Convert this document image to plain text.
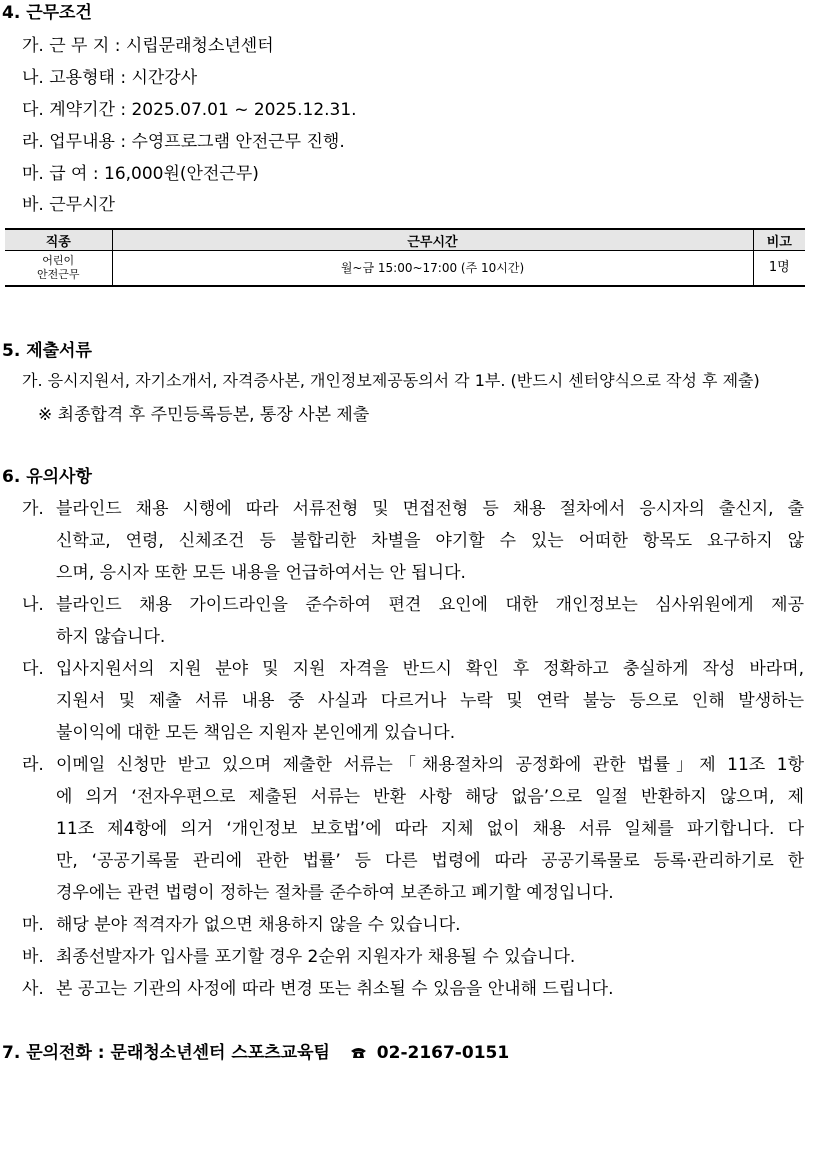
4. 근무조건
가. 근 무 지 : 시립문래청소년센터
나. 고용형태 : 시간강사
다. 계약기간 : 2025.07.01 ~ 2025.12.31.
라. 업무내용 : 수영프로그램 안전근무 진행.
마. 급 여 : 16,000원(안전근무)
바. 근무시간
직종	근무시간	비고

어린이
안전근무	월~금 15:00~17:00 (주 10시간)	1명
5. 제출서류
가. 응시지원서, 자기소개서, 자격증사본, 개인정보제공동의서 각 1부. (반드시 센터양식으로 작성 후 제출)
※ 최종합격 후 주민등록등본, 통장 사본 제출
6. 유의사항
가. 블라인드 채용 시행에 따라 서류전형 및 면접전형 등 채용 절차에서 응시자의 출신지, 출
신학교, 연령, 신체조건 등 불합리한 차별을 야기할 수 있는 어떠한 항목도 요구하지 않
으며, 응시자 또한 모든 내용을 언급하여서는 안 됩니다.
나. 블라인드 채용 가이드라인을 준수하여 편견 요인에 대한 개인정보는 심사위원에게 제공
하지 않습니다.
다. 입사지원서의 지원 분야 및 지원 자격을 반드시 확인 후 정확하고 충실하게 작성 바라며,
지원서 및 제출 서류 내용 중 사실과 다르거나 누락 및 연락 불능 등으로 인해 발생하는
불이익에 대한 모든 책임은 지원자 본인에게 있습니다.
라. 이메일 신청만 받고 있으며 제출한 서류는「채용절차의 공정화에 관한 법률」제 11조 1항
에 의거 ‘전자우편으로 제출된 서류는 반환 사항 해당 없음’으로 일절 반환하지 않으며, 제
11조 제4항에 의거 ‘개인정보 보호법’에 따라 지체 없이 채용 서류 일체를 파기합니다. 다
만, ‘공공기록물 관리에 관한 법률’ 등 다른 법령에 따라 공공기록물로 등록·관리하기로 한
경우에는 관련 법령이 정하는 절차를 준수하여 보존하고 폐기할 예정입니다.
마. 해당 분야 적격자가 없으면 채용하지 않을 수 있습니다.
바. 최종선발자가 입사를 포기할 경우 2순위 지원자가 채용될 수 있습니다.
사. 본 공고는 기관의 사정에 따라 변경 또는 취소될 수 있음을 안내해 드립니다.
7. 문의전화 : 문래청소년센터 스포츠교육팀	02-2167-0151
